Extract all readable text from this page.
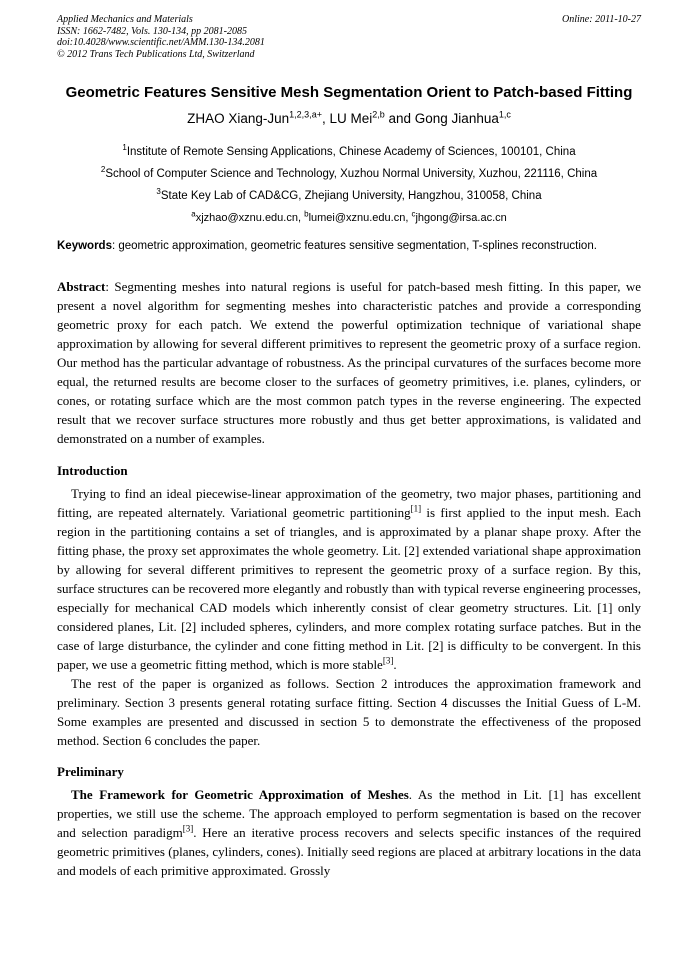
Applied Mechanics and Materials
ISSN: 1662-7482, Vols. 130-134, pp 2081-2085
doi:10.4028/www.scientific.net/AMM.130-134.2081
© 2012 Trans Tech Publications Ltd, Switzerland
Online: 2011-10-27
Geometric Features Sensitive Mesh Segmentation Orient to Patch-based Fitting
ZHAO Xiang-Jun$^{1,2,3,a+}$, LU Mei$^{2,b}$ and Gong Jianhua$^{1,c}$
$^1$Institute of Remote Sensing Applications, Chinese Academy of Sciences, 100101, China
$^2$School of Computer Science and Technology, Xuzhou Normal University, Xuzhou, 221116, China
$^3$State Key Lab of CAD&CG, Zhejiang University, Hangzhou, 310058, China
$^a$xjzhao@xznu.edu.cn, $^b$lumei@xznu.edu.cn, $^c$jhgong@irsa.ac.cn

Keywords: geometric approximation, geometric features sensitive segmentation, T-splines reconstruction.

Abstract: Segmenting meshes into natural regions is useful for patch-based mesh fitting. In this paper, we present a novel algorithm for segmenting meshes into characteristic patches and provide a corresponding geometric proxy for each patch. We extend the powerful optimization technique of variational shape approximation by allowing for several different primitives to represent the geometric proxy of a surface region. Our method has the particular advantage of robustness. As the principal curvatures of the surfaces become more equal, the returned results are become closer to the surfaces of geometry primitives, i.e. planes, cylinders, or cones, or rotating surface which are the most common patch types in the reverse engineering. The expected result that we recover surface structures more robustly and thus get better approximations, is validated and demonstrated on a number of examples.

Introduction

Trying to find an ideal piecewise-linear approximation of the geometry, two major phases, partitioning and fitting, are repeated alternately. Variational geometric partitioning[1] is first applied to the input mesh. Each region in the partitioning contains a set of triangles, and is approximated by a planar shape proxy. After the fitting phase, the proxy set approximates the whole geometry. Lit. [2] extended variational shape approximation by allowing for several different primitives to represent the geometric proxy of a surface region. By this, surface structures can be recovered more elegantly and robustly than with typical reverse engineering processes, especially for mechanical CAD models which inherently consist of clear geometry structures. Lit. [1] only considered planes, Lit. [2] included spheres, cylinders, and more complex rotating surface patches. But in the case of large disturbance, the cylinder and cone fitting method in Lit. [2] is difficulty to be convergent. In this paper, we use a geometric fitting method, which is more stable[3].

The rest of the paper is organized as follows. Section 2 introduces the approximation framework and preliminary. Section 3 presents general rotating surface fitting. Section 4 discusses the Initial Guess of L-M. Some examples are presented and discussed in section 5 to demonstrate the effectiveness of the proposed method. Section 6 concludes the paper.

Preliminary

The Framework for Geometric Approximation of Meshes. As the method in Lit. [1] has excellent properties, we still use the scheme. The approach employed to perform segmentation is based on the recover and selection paradigm[3]. Here an iterative process recovers and selects specific instances of the required geometric primitives (planes, cylinders, cones). Initially seed regions are placed at arbitrary locations in the data and models of each primitive approximated. Grossly
